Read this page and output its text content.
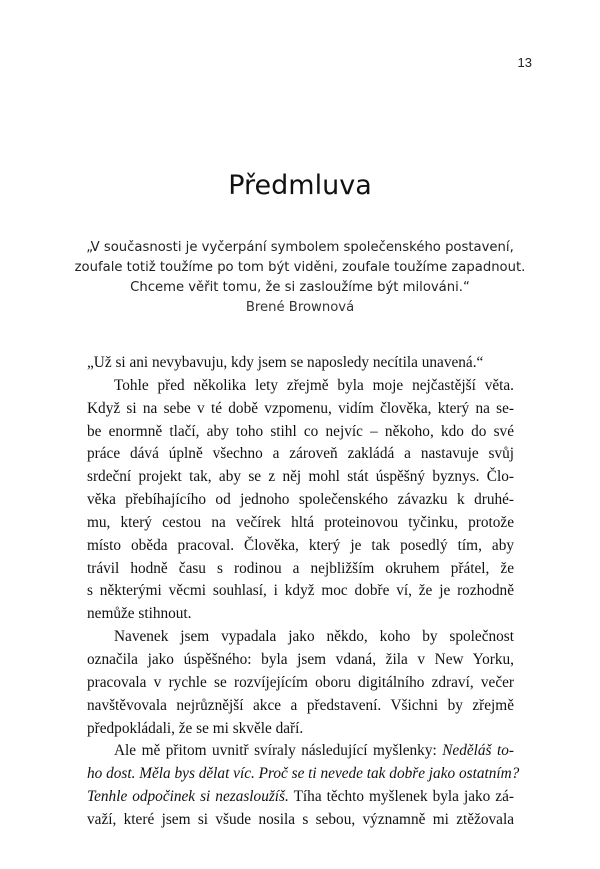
13
Předmluva
„V současnosti je vyčerpání symbolem společenského postavení,
zoufale totiž toužíme po tom být viděni, zoufale toužíme zapadnout.
Chceme věřit tomu, že si zasloužíme být milováni.“
Brené Brownová
„Už si ani nevybavuju, kdy jsem se naposledy necítila unavená.“
Tohle před několika lety zřejmě byla moje nejčastější věta.
Když si na sebe v té době vzpomenu, vidím člověka, který na se-
be enormně tlačí, aby toho stihl co nejvíc – někoho, kdo do své
práce dává úplně všechno a zároveň zakládá a nastavuje svůj
srdeční projekt tak, aby se z něj mohl stát úspěšný byznys. Člo-
věka přebíhajícího od jednoho společenského závazku k druhé-
mu, který cestou na večírek hltá proteinovou tyčinku, protože
místo oběda pracoval. Člověka, který je tak posedlý tím, aby
trávil hodně času s rodinou a nejbližším okruhem přátel, že
s některými věcmi souhlasí, i když moc dobře ví, že je rozhodně
nemůže stihnout.
Navenek jsem vypadala jako někdo, koho by společnost
označila jako úspěšného: byla jsem vdaná, žila v New Yorku,
pracovala v rychle se rozvíjejícím oboru digitálního zdraví, večer
navštěvovala nejrůznější akce a představení. Všichni by zřejmě
předpokládali, že se mi skvěle daří.
Ale mě přitom uvnitř svíraly následující myšlenky: Neděláš to-
ho dost. Měla bys dělat víc. Proč se ti nevede tak dobře jako ostatním?
Tenhle odpočinek si nezasloužíš. Tíha těchto myšlenek byla jako zá-
važí, které jsem si všude nosila s sebou, významně mi ztěžovala
